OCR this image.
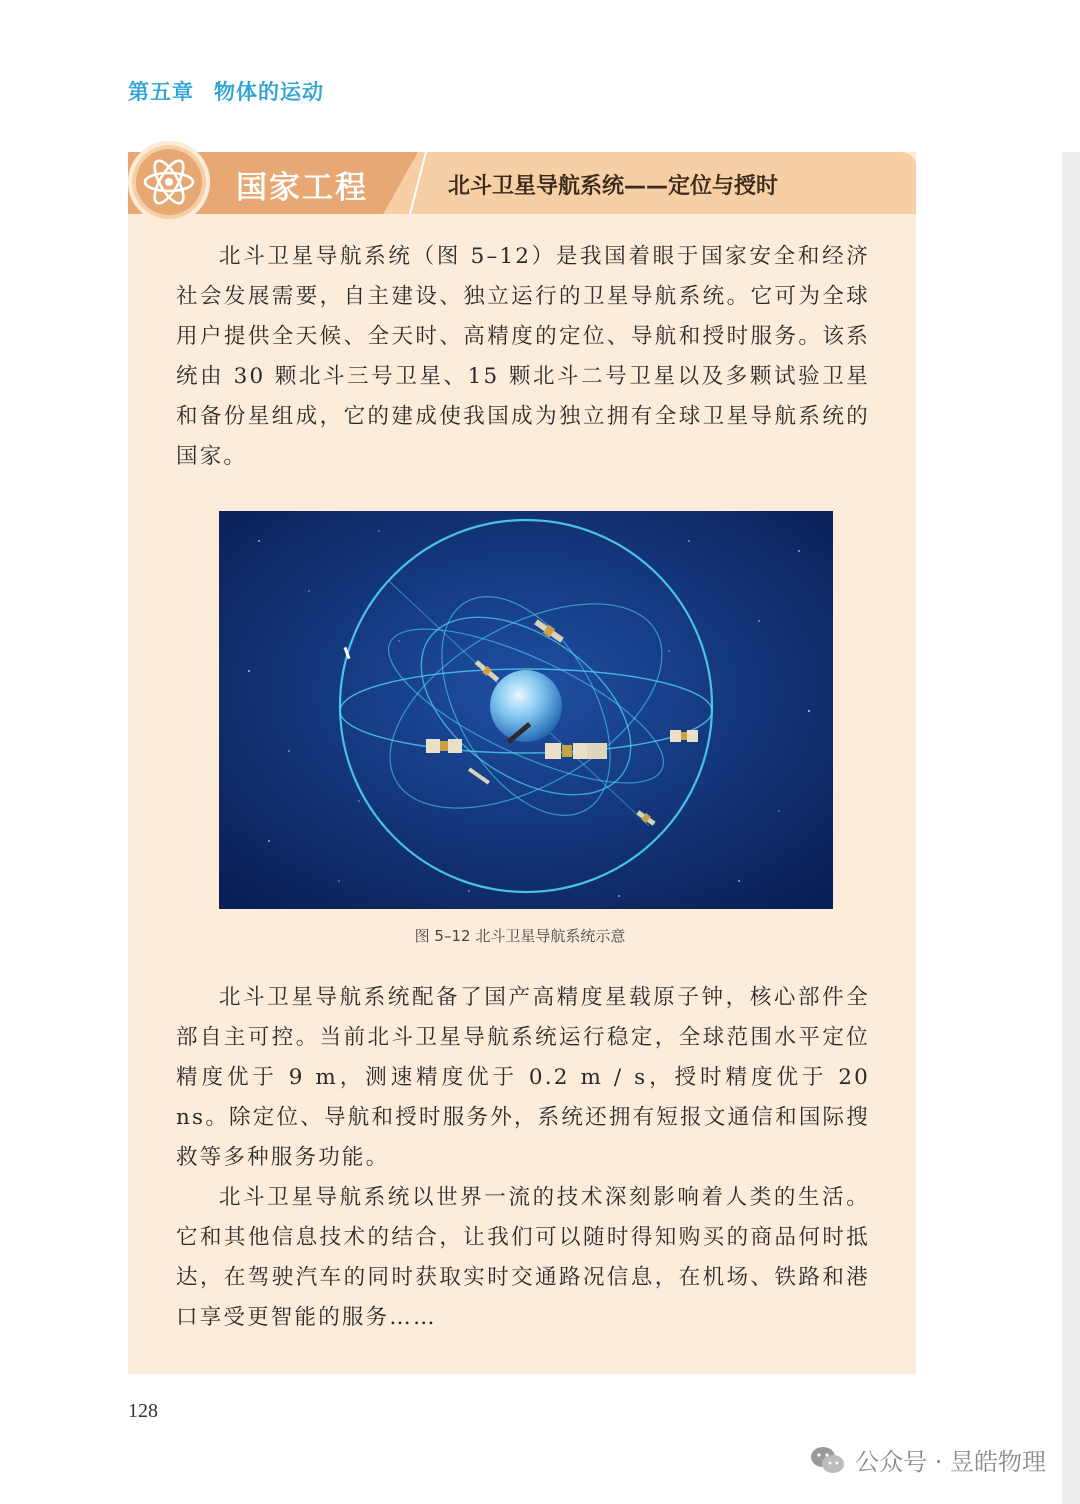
第五章 物体的运动
国家工程	北斗卫星导航系统——定位与授时

北斗卫星导航系统（图 5–12）是我国着眼于国家安全和经济社会发展需要，自主建设、独立运行的卫星导航系统。它可为全球用户提供全天候、全天时、高精度的定位、导航和授时服务。该系统由 30 颗北斗三号卫星、15 颗北斗二号卫星以及多颗试验卫星和备份星组成，它的建成使我国成为独立拥有全球卫星导航系统的国家。

图 5–12 北斗卫星导航系统示意

北斗卫星导航系统配备了国产高精度星载原子钟，核心部件全部自主可控。当前北斗卫星导航系统运行稳定，全球范围水平定位精度优于 9 m，测速精度优于 0.2 m / s，授时精度优于 20 ns。除定位、导航和授时服务外，系统还拥有短报文通信和国际搜救等多种服务功能。

北斗卫星导航系统以世界一流的技术深刻影响着人类的生活。它和其他信息技术的结合，让我们可以随时得知购买的商品何时抵达，在驾驶汽车的同时获取实时交通路况信息，在机场、铁路和港口享受更智能的服务……

128
公众号 · 昱皓物理
